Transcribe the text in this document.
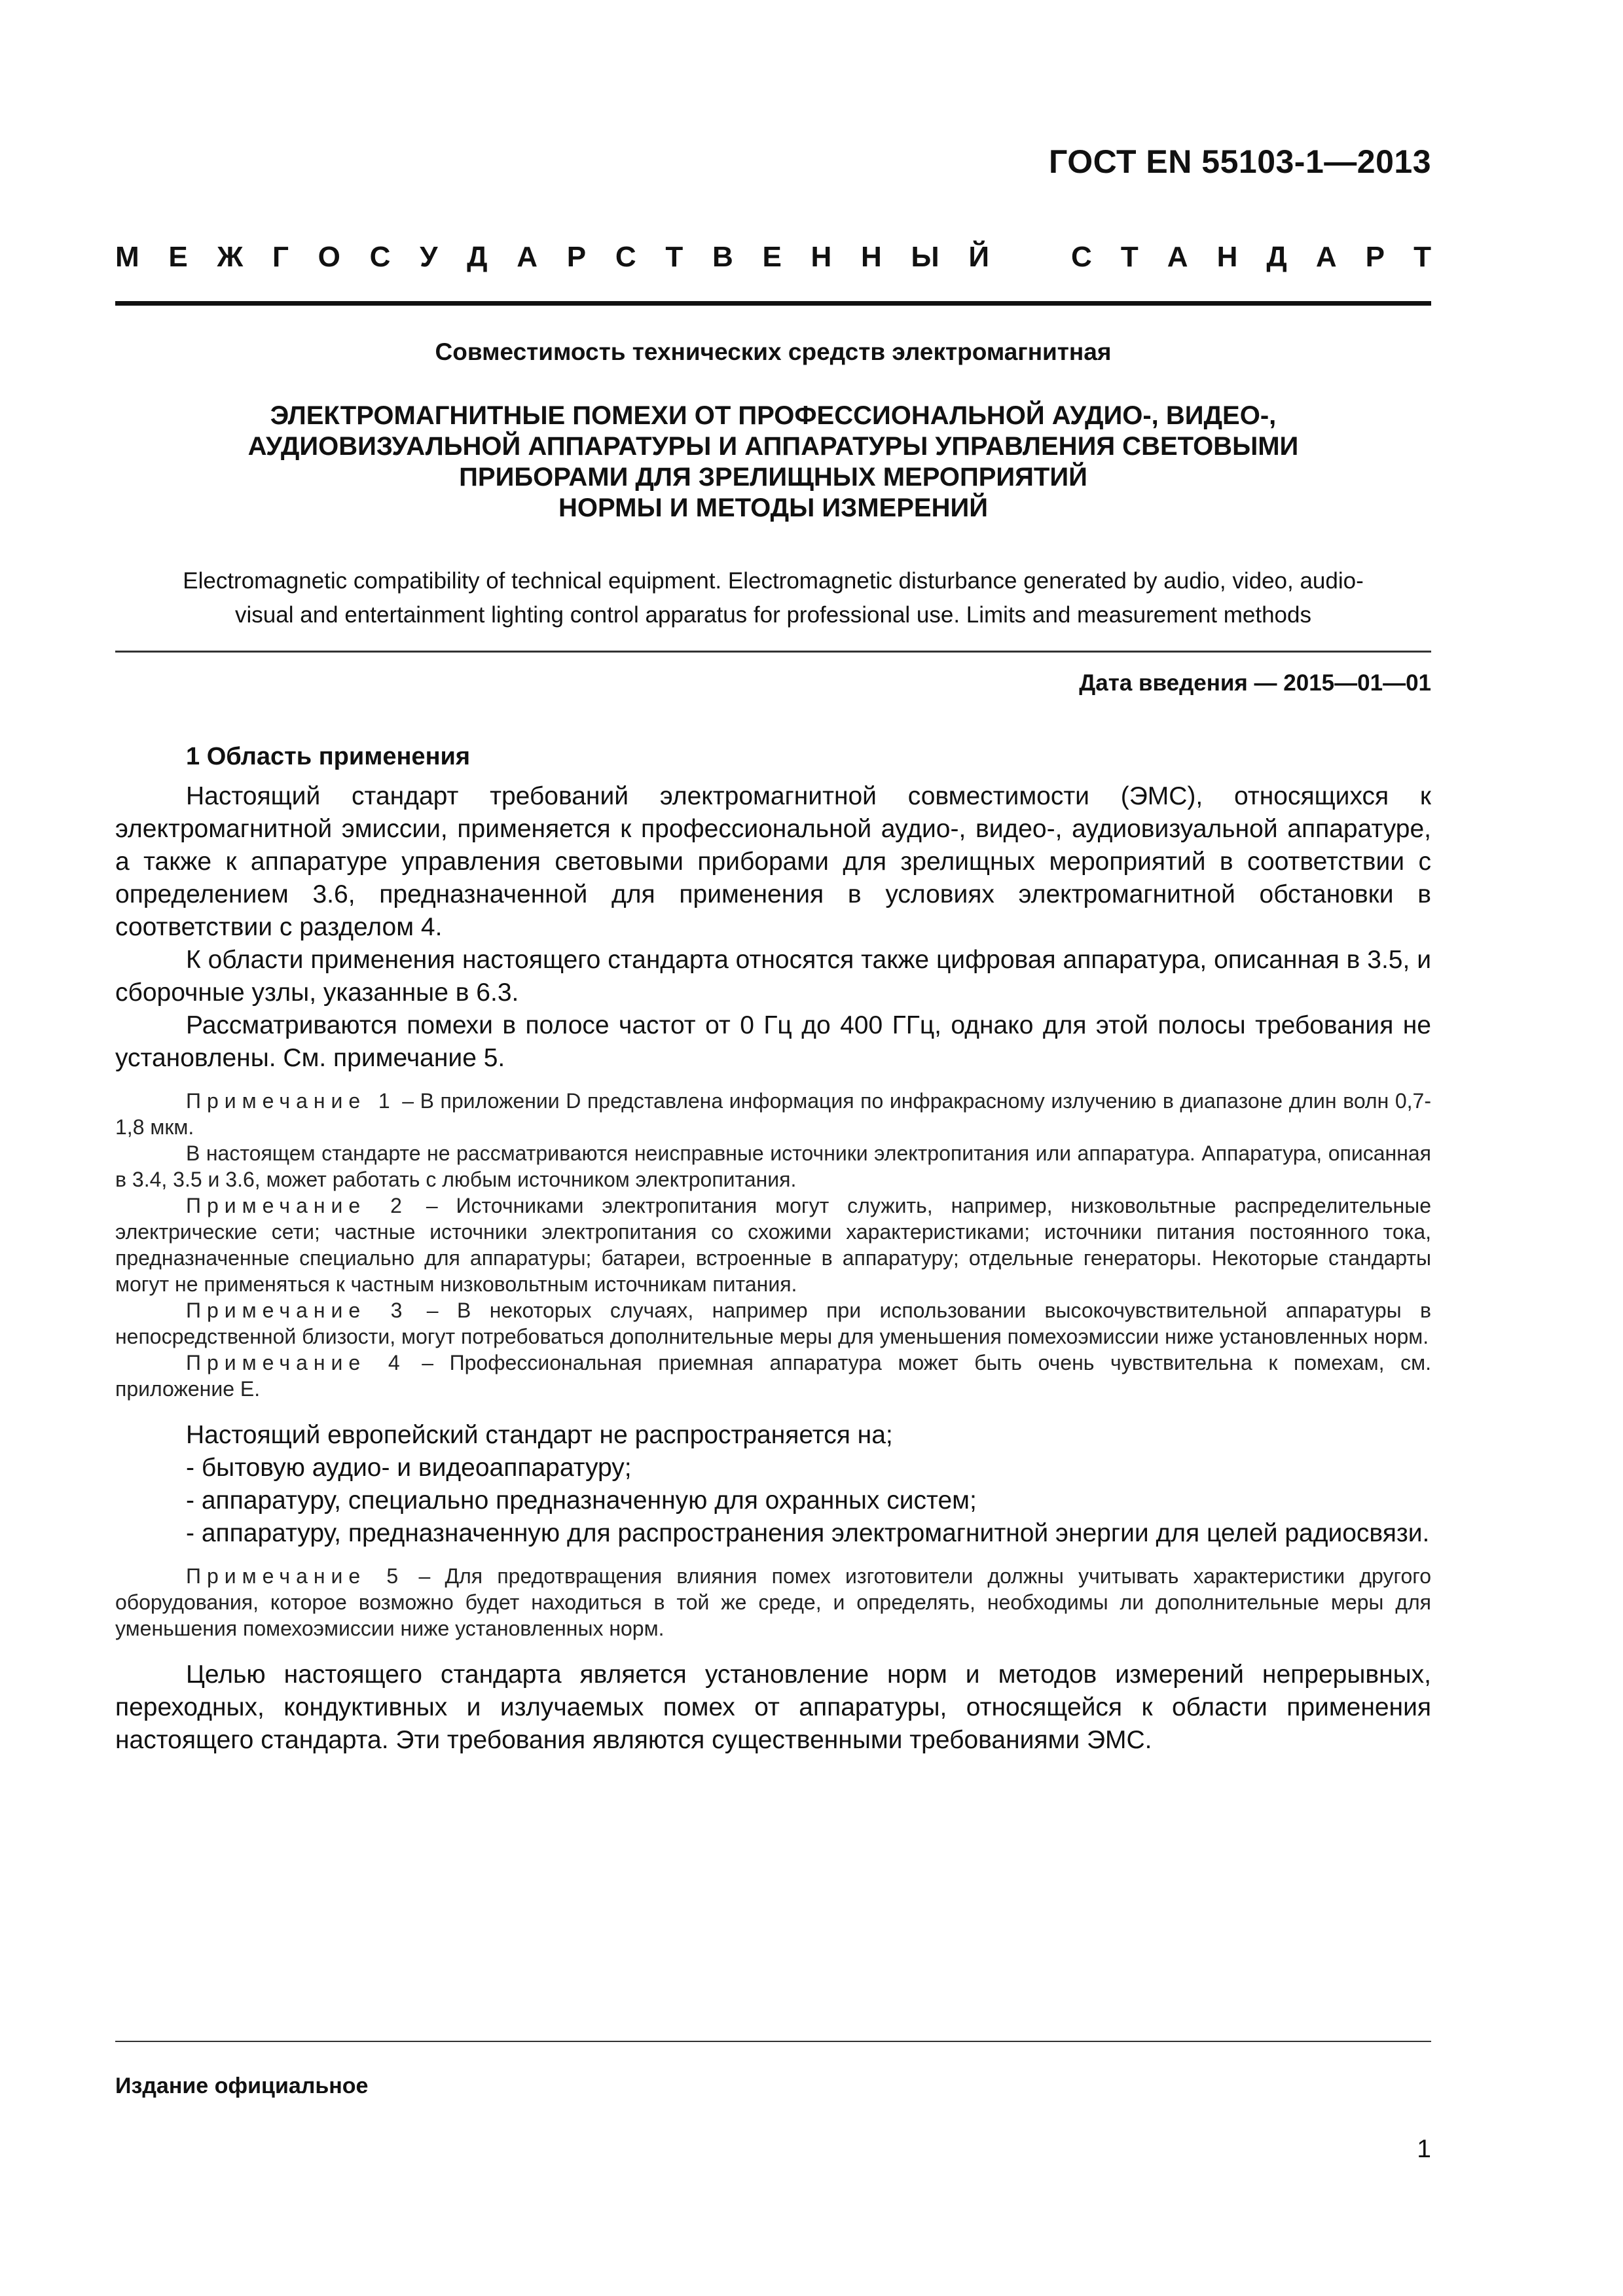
ГОСТ EN 55103-1—2013
М Е Ж Г О С У Д А Р С Т В Е Н Н Ы Й	С Т А Н Д А Р Т
Совместимость технических средств электромагнитная
ЭЛЕКТРОМАГНИТНЫЕ ПОМЕХИ ОТ ПРОФЕССИОНАЛЬНОЙ АУДИО-, ВИДЕО-,
АУДИОВИЗУАЛЬНОЙ АППАРАТУРЫ И АППАРАТУРЫ УПРАВЛЕНИЯ СВЕТОВЫМИ
ПРИБОРАМИ ДЛЯ ЗРЕЛИЩНЫХ МЕРОПРИЯТИЙ
НОРМЫ И МЕТОДЫ ИЗМЕРЕНИЙ
Electromagnetic compatibility of technical equipment. Electromagnetic disturbance generated by audio, video, audio-
visual and entertainment lighting control apparatus for professional use. Limits and measurement methods
Дата введения — 2015—01—01
1 Область применения

Настоящий стандарт требований электромагнитной совместимости (ЭМС), относящихся к электромагнитной эмиссии, применяется к профессиональной аудио-, видео-, аудиовизуальной аппаратуре, а также к аппаратуре управления световыми приборами для зрелищных мероприятий в соответствии с определением 3.6, предназначенной для применения в условиях электромагнитной обстановки в соответствии с разделом 4.

К области применения настоящего стандарта относятся также цифровая аппаратура, описанная в 3.5, и сборочные узлы, указанные в 6.3.

Рассматриваются помехи в полосе частот от 0 Гц до 400 ГГц, однако для этой полосы требования не установлены. См. примечание 5.

Примечание 1 – В приложении D представлена информация по инфракрасному излучению в диапазоне длин волн 0,7-1,8 мкм.

В настоящем стандарте не рассматриваются неисправные источники электропитания или аппаратура. Аппаратура, описанная в 3.4, 3.5 и 3.6, может работать с любым источником электропитания.

Примечание 2 – Источниками электропитания могут служить, например, низковольтные распределительные электрические сети; частные источники электропитания со схожими характеристиками; источники питания постоянного тока, предназначенные специально для аппаратуры; батареи, встроенные в аппаратуру; отдельные генераторы. Некоторые стандарты могут не применяться к частным низковольтным источникам питания.

Примечание 3 – В некоторых случаях, например при использовании высокочувствительной аппаратуры в непосредственной близости, могут потребоваться дополнительные меры для уменьшения помехоэмиссии ниже установленных норм.

Примечание 4 – Профессиональная приемная аппаратура может быть очень чувствительна к помехам, см. приложение E.

Настоящий европейский стандарт не распространяется на;

- бытовую аудио- и видеоаппаратуру;

- аппаратуру, специально предназначенную для охранных систем;

- аппаратуру, предназначенную для распространения электромагнитной энергии для целей радиосвязи.

Примечание 5 – Для предотвращения влияния помех изготовители должны учитывать характеристики другого оборудования, которое возможно будет находиться в той же среде, и определять, необходимы ли дополнительные меры для уменьшения помехоэмиссии ниже установленных норм.

Целью настоящего стандарта является установление норм и методов измерений непрерывных, переходных, кондуктивных и излучаемых помех от аппаратуры, относящейся к области применения настоящего стандарта. Эти требования являются существенными требованиями ЭМС.

Издание официальное
1
